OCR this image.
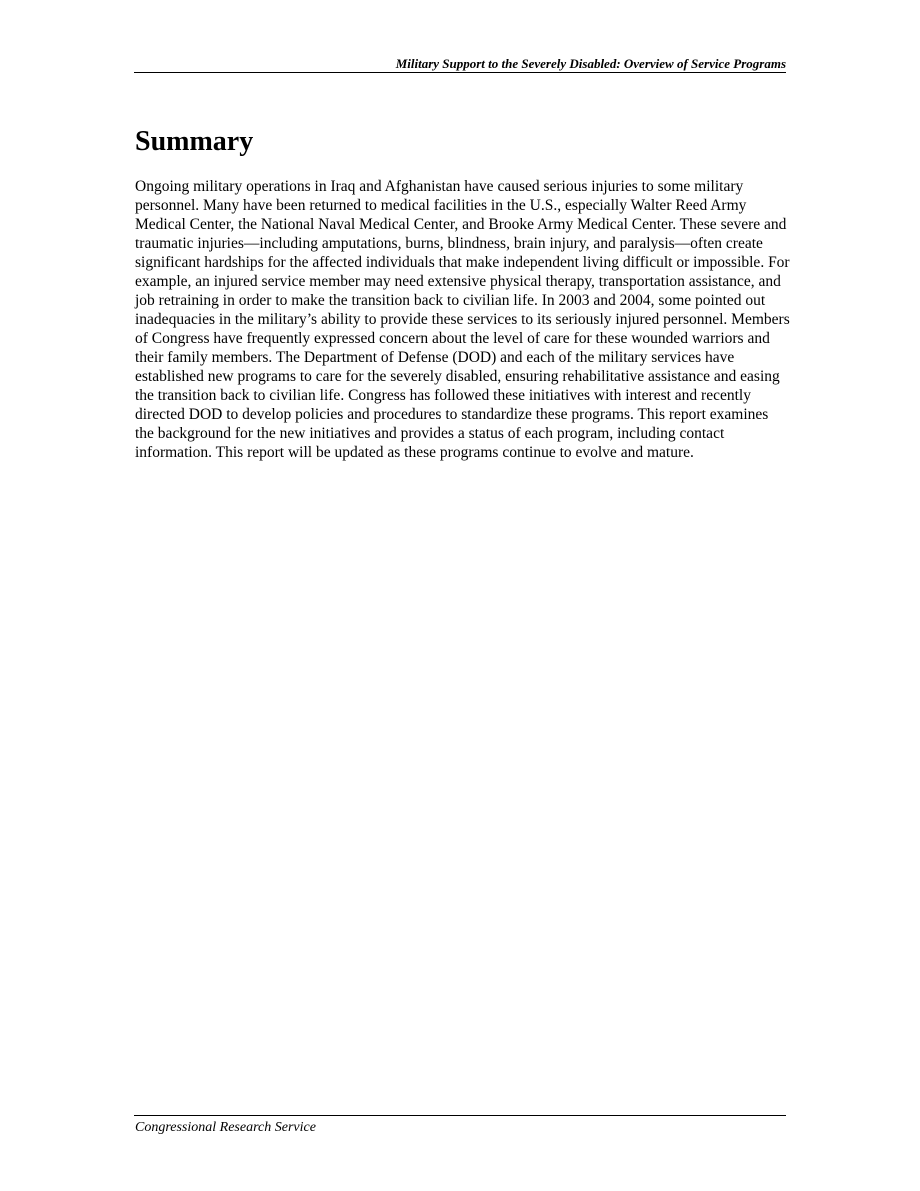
Military Support to the Severely Disabled: Overview of Service Programs
Summary

Ongoing military operations in Iraq and Afghanistan have caused serious injuries to some military personnel. Many have been returned to medical facilities in the U.S., especially Walter Reed Army Medical Center, the National Naval Medical Center, and Brooke Army Medical Center. These severe and traumatic injuries—including amputations, burns, blindness, brain injury, and paralysis—often create significant hardships for the affected individuals that make independent living difficult or impossible. For example, an injured service member may need extensive physical therapy, transportation assistance, and job retraining in order to make the transition back to civilian life. In 2003 and 2004, some pointed out inadequacies in the military’s ability to provide these services to its seriously injured personnel. Members of Congress have frequently expressed concern about the level of care for these wounded warriors and their family members. The Department of Defense (DOD) and each of the military services have established new programs to care for the severely disabled, ensuring rehabilitative assistance and easing the transition back to civilian life. Congress has followed these initiatives with interest and recently directed DOD to develop policies and procedures to standardize these programs. This report examines the background for the new initiatives and provides a status of each program, including contact information. This report will be updated as these programs continue to evolve and mature.

Congressional Research Service
